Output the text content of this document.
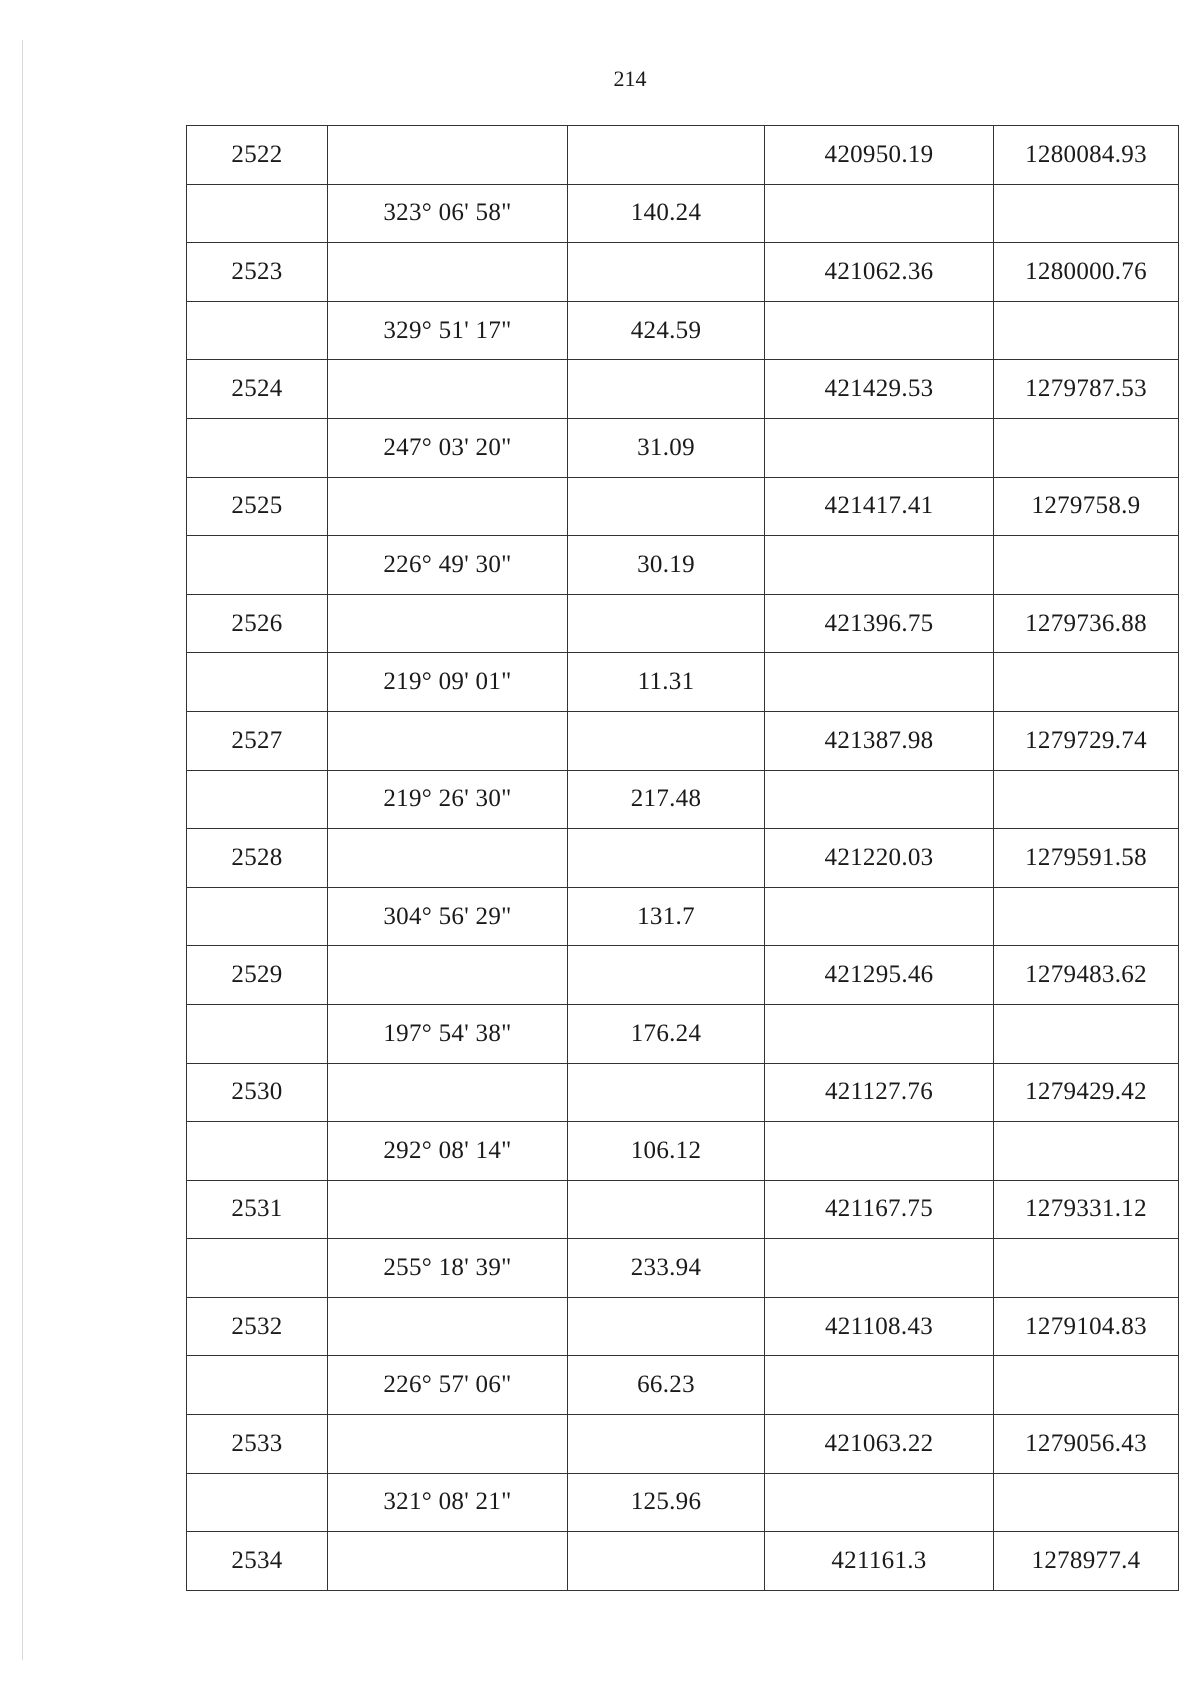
214
2522			420950.19	1280084.93
	323° 06' 58"	140.24		
2523			421062.36	1280000.76
	329° 51' 17"	424.59		
2524			421429.53	1279787.53
	247° 03' 20"	31.09		
2525			421417.41	1279758.9
	226° 49' 30"	30.19		
2526			421396.75	1279736.88
	219° 09' 01"	11.31		
2527			421387.98	1279729.74
	219° 26' 30"	217.48		
2528			421220.03	1279591.58
	304° 56' 29"	131.7		
2529			421295.46	1279483.62
	197° 54' 38"	176.24		
2530			421127.76	1279429.42
	292° 08' 14"	106.12		
2531			421167.75	1279331.12
	255° 18' 39"	233.94		
2532			421108.43	1279104.83
	226° 57' 06"	66.23		
2533			421063.22	1279056.43
	321° 08' 21"	125.96		
2534			421161.3	1278977.4
